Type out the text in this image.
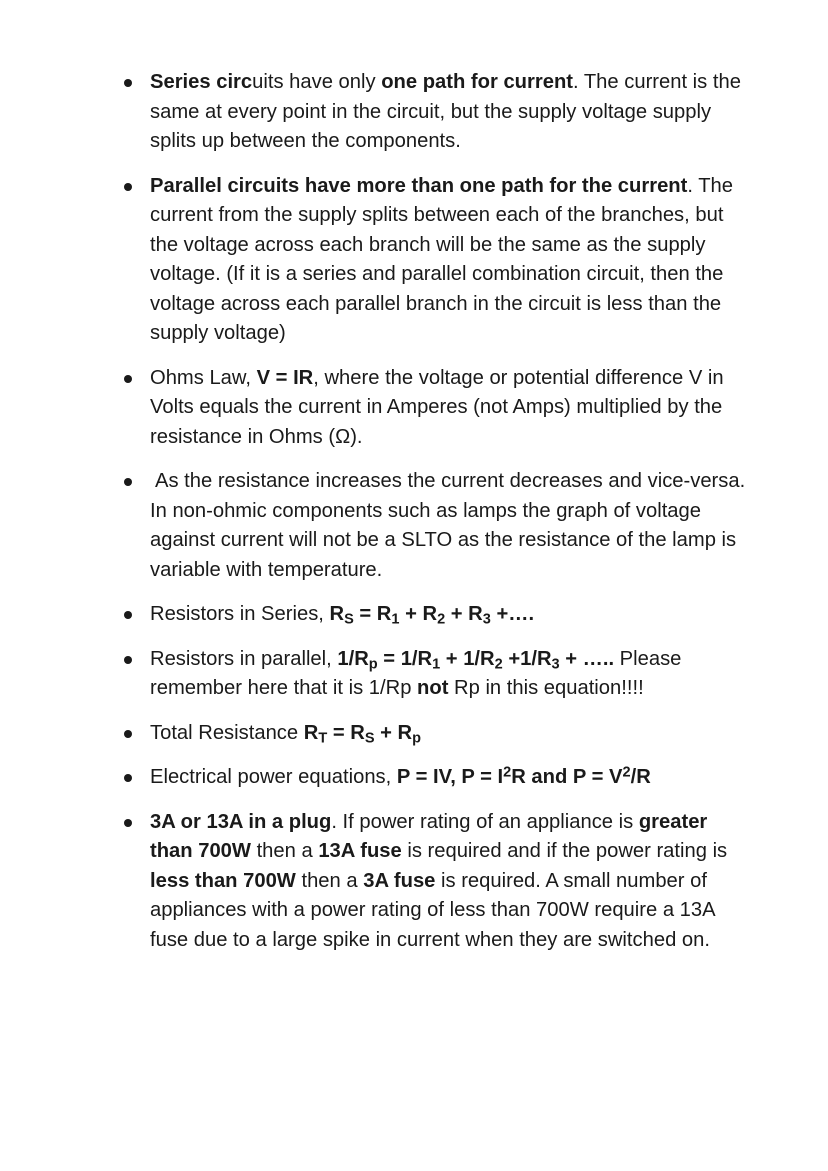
Series circuits have only one path for current. The current is the same at every point in the circuit, but the supply voltage supply splits up between the components.
Parallel circuits have more than one path for the current. The current from the supply splits between each of the branches, but the voltage across each branch will be the same as the supply voltage. (If it is a series and parallel combination circuit, then the voltage across each parallel branch in the circuit is less than the supply voltage)
Ohms Law, V = IR, where the voltage or potential difference V in Volts equals the current in Amperes (not Amps) multiplied by the resistance in Ohms (Ω).
As the resistance increases the current decreases and vice-versa. In non-ohmic components such as lamps the graph of voltage against current will not be a SLTO as the resistance of the lamp is variable with temperature.
Resistors in Series, $R_S = R_1 + R_2 + R_3$ +….
Resistors in parallel, $1/R_p = 1/R_1 + 1/R_2 +1/R_3$ + ….. Please remember here that it is 1/Rp not Rp in this equation!!!!
Total Resistance $R_T = R_S + R_p$
Electrical power equations, P = IV, $P = I^2R$ and $P = V^2/R$
3A or 13A in a plug. If power rating of an appliance is greater than 700W then a 13A fuse is required and if the power rating is less than 700W then a 3A fuse is required. A small number of appliances with a power rating of less than 700W require a 13A fuse due to a large spike in current when they are switched on.
